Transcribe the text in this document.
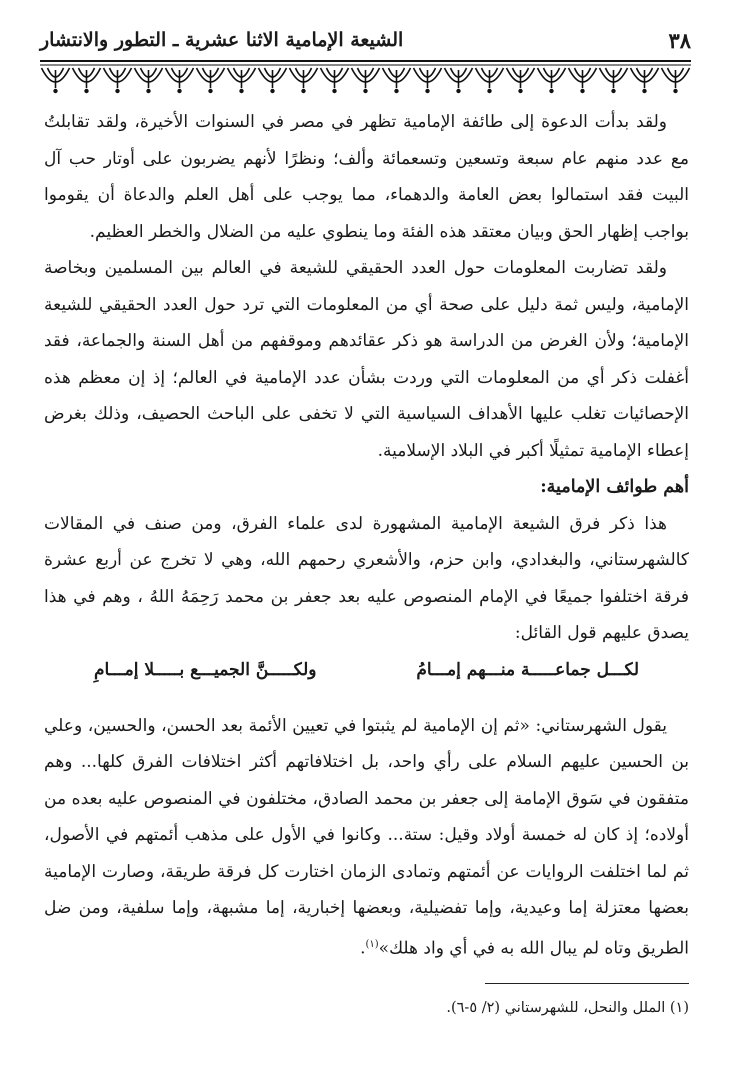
٣٨
الشيعة الإمامية الاثنا عشرية ـ التطور والانتشار

ولقد بدأت الدعوة إلى طائفة الإمامية تظهر في مصر في السنوات الأخيرة، ولقد تقابلتُ مع عدد منهم عام سبعة وتسعين وتسعمائة وألف؛ ونظرًا لأنهم يضربون على أوتار حب آل البيت فقد استمالوا بعض العامة والدهماء، مما يوجب على أهل العلم والدعاة أن يقوموا بواجب إظهار الحق وبيان معتقد هذه الفئة وما ينطوي عليه من الضلال والخطر العظيم.

ولقد تضاربت المعلومات حول العدد الحقيقي للشيعة في العالم بين المسلمين وبخاصة الإمامية، وليس ثمة دليل على صحة أي من المعلومات التي ترد حول العدد الحقيقي للشيعة الإمامية؛ ولأن الغرض من الدراسة هو ذكر عقائدهم وموقفهم من أهل السنة والجماعة، فقد أغفلت ذكر أي من المعلومات التي وردت بشأن عدد الإمامية في العالم؛ إذ إن معظم هذه الإحصائيات تغلب عليها الأهداف السياسية التي لا تخفى على الباحث الحصيف، وذلك بغرض إعطاء الإمامية تمثيلًا أكبر في البلاد الإسلامية.

أهم طوائف الإمامية:

هذا ذكر فرق الشيعة الإمامية المشهورة لدى علماء الفرق، ومن صنف في المقالات كالشهرستاني، والبغدادي، وابن حزم، والأشعري رحمهم الله، وهي لا تخرج عن أربع عشرة فرقة اختلفوا جميعًا في الإمام المنصوص عليه بعد جعفر بن محمد رَحِمَهُ اللهُ ، وهم في هذا يصدق عليهم قول القائل:

لكـــل جماعـــــة منـــهم إمـــامُ
ولكـــــنَّ الجميـــع بـــــلا إمـــامِ

يقول الشهرستاني: «ثم إن الإمامية لم يثبتوا في تعيين الأئمة بعد الحسن، والحسين، وعلي بن الحسين عليهم السلام على رأي واحد، بل اختلافاتهم أكثر اختلافات الفرق كلها... وهم متفقون في سَوق الإمامة إلى جعفر بن محمد الصادق، مختلفون في المنصوص عليه بعده من أولاده؛ إذ كان له خمسة أولاد وقيل: ستة... وكانوا في الأول على مذهب أئمتهم في الأصول، ثم لما اختلفت الروايات عن أئمتهم وتمادى الزمان اختارت كل فرقة طريقة، وصارت الإمامية بعضها معتزلة إما وعيدية، وإما تفضيلية، وبعضها إخبارية، إما مشبهة، وإما سلفية، ومن ضل الطريق وتاه لم يبال الله به في أي واد هلك»$^{(١)}$.

(١) الملل والنحل، للشهرستاني (٢/ ٥-٦).
